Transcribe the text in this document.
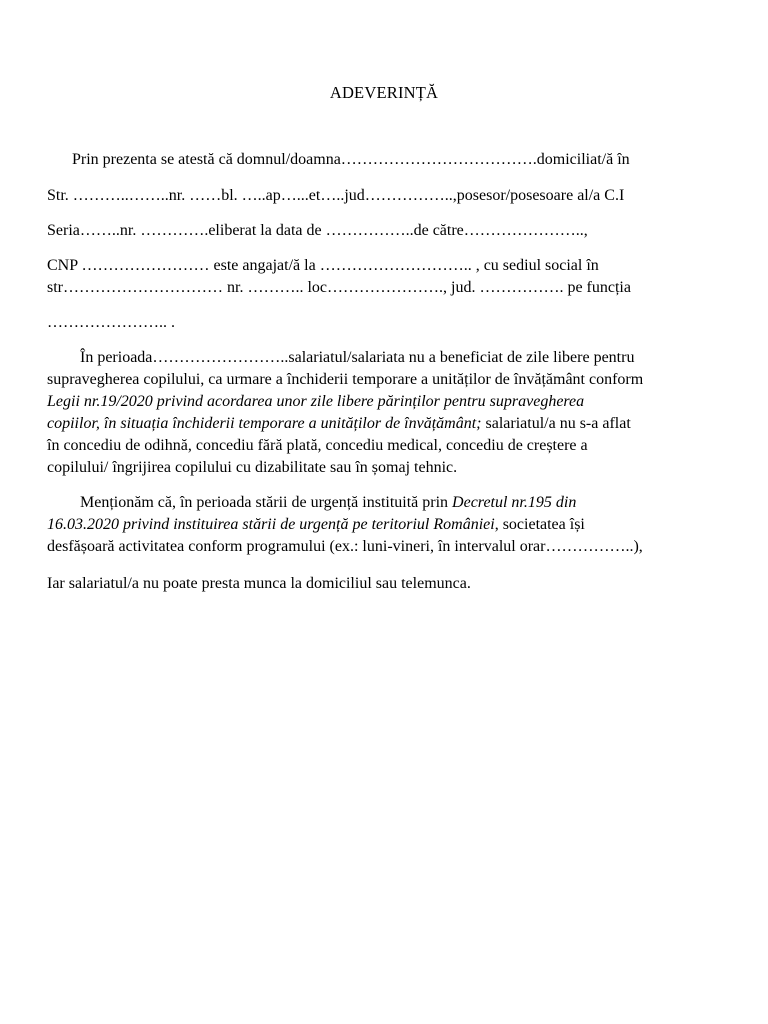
ADEVERINȚĂ
Prin prezenta se atestă că domnul/doamna……………………………….domiciliat/ă în
Str. ………..……..nr. ……bl. …..ap…...et…..jud……………..,posesor/posesoare al/a C.I
Seria……..nr. ………….eliberat la data de ……………..de către…………………..,
CNP …………………… este angajat/ă la ……………………….. , cu sediul social în
str………………………… nr. ……….. loc…………………., jud. ……………. pe funcția
………………….. .

În perioada……………………..salariatul/salariata nu a beneficiat de zile libere pentru

supravegherea copilului, ca urmare a închiderii temporare a unităților de învățământ conform

Legii nr.19/2020 privind acordarea unor zile libere părinților pentru supravegherea

copiilor, în situația închiderii temporare a unităților de învățământ; salariatul/a nu s-a aflat

în concediu de odihnă, concediu fără plată, concediu medical, concediu de creștere a

copilului/ îngrijirea copilului cu dizabilitate sau în șomaj tehnic.

Menționăm că, în perioada stării de urgență instituită prin Decretul nr.195 din

16.03.2020 privind instituirea stării de urgență pe teritoriul României, societatea își

desfășoară activitatea conform programului (ex.: luni-vineri, în intervalul orar……………..),

Iar salariatul/a nu poate presta munca la domiciliul sau telemunca.
